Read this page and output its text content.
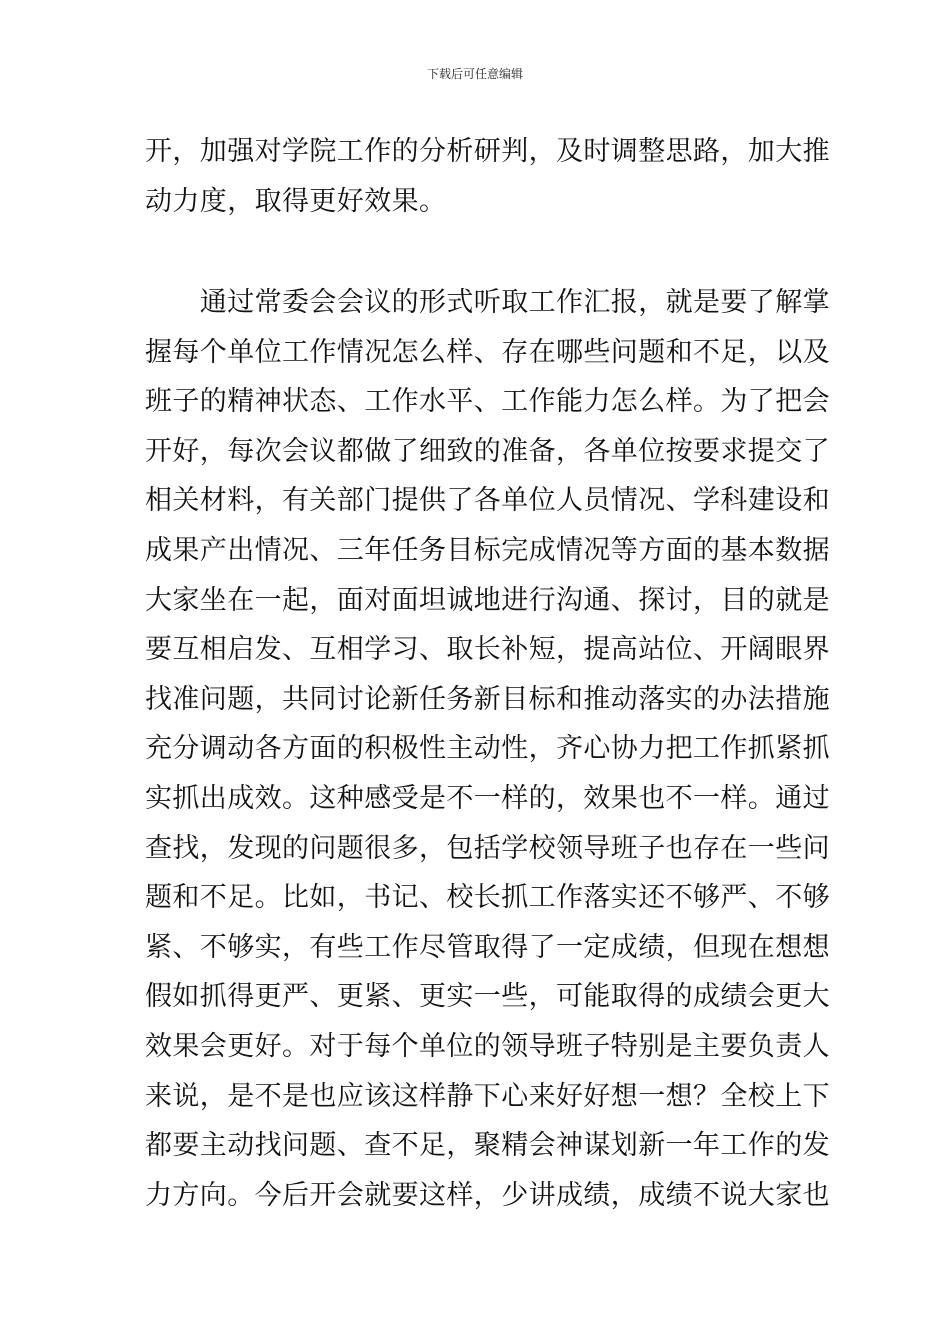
下载后可任意编辑
开，加强对学院工作的分析研判，及时调整思路，加大推
动力度，取得更好效果。
　　通过常委会会议的形式听取工作汇报，就是要了解掌
握每个单位工作情况怎么样、存在哪些问题和不足，以及
班子的精神状态、工作水平、工作能力怎么样。为了把会
开好，每次会议都做了细致的准备，各单位按要求提交了
相关材料，有关部门提供了各单位人员情况、学科建设和
成果产出情况、三年任务目标完成情况等方面的基本数据
大家坐在一起，面对面坦诚地进行沟通、探讨，目的就是
要互相启发、互相学习、取长补短，提高站位、开阔眼界
找准问题，共同讨论新任务新目标和推动落实的办法措施
充分调动各方面的积极性主动性，齐心协力把工作抓紧抓
实抓出成效。这种感受是不一样的，效果也不一样。通过
查找，发现的问题很多，包括学校领导班子也存在一些问
题和不足。比如，书记、校长抓工作落实还不够严、不够
紧、不够实，有些工作尽管取得了一定成绩，但现在想想
假如抓得更严、更紧、更实一些，可能取得的成绩会更大
效果会更好。对于每个单位的领导班子特别是主要负责人
来说，是不是也应该这样静下心来好好想一想？全校上下
都要主动找问题、查不足，聚精会神谋划新一年工作的发
力方向。今后开会就要这样，少讲成绩，成绩不说大家也
